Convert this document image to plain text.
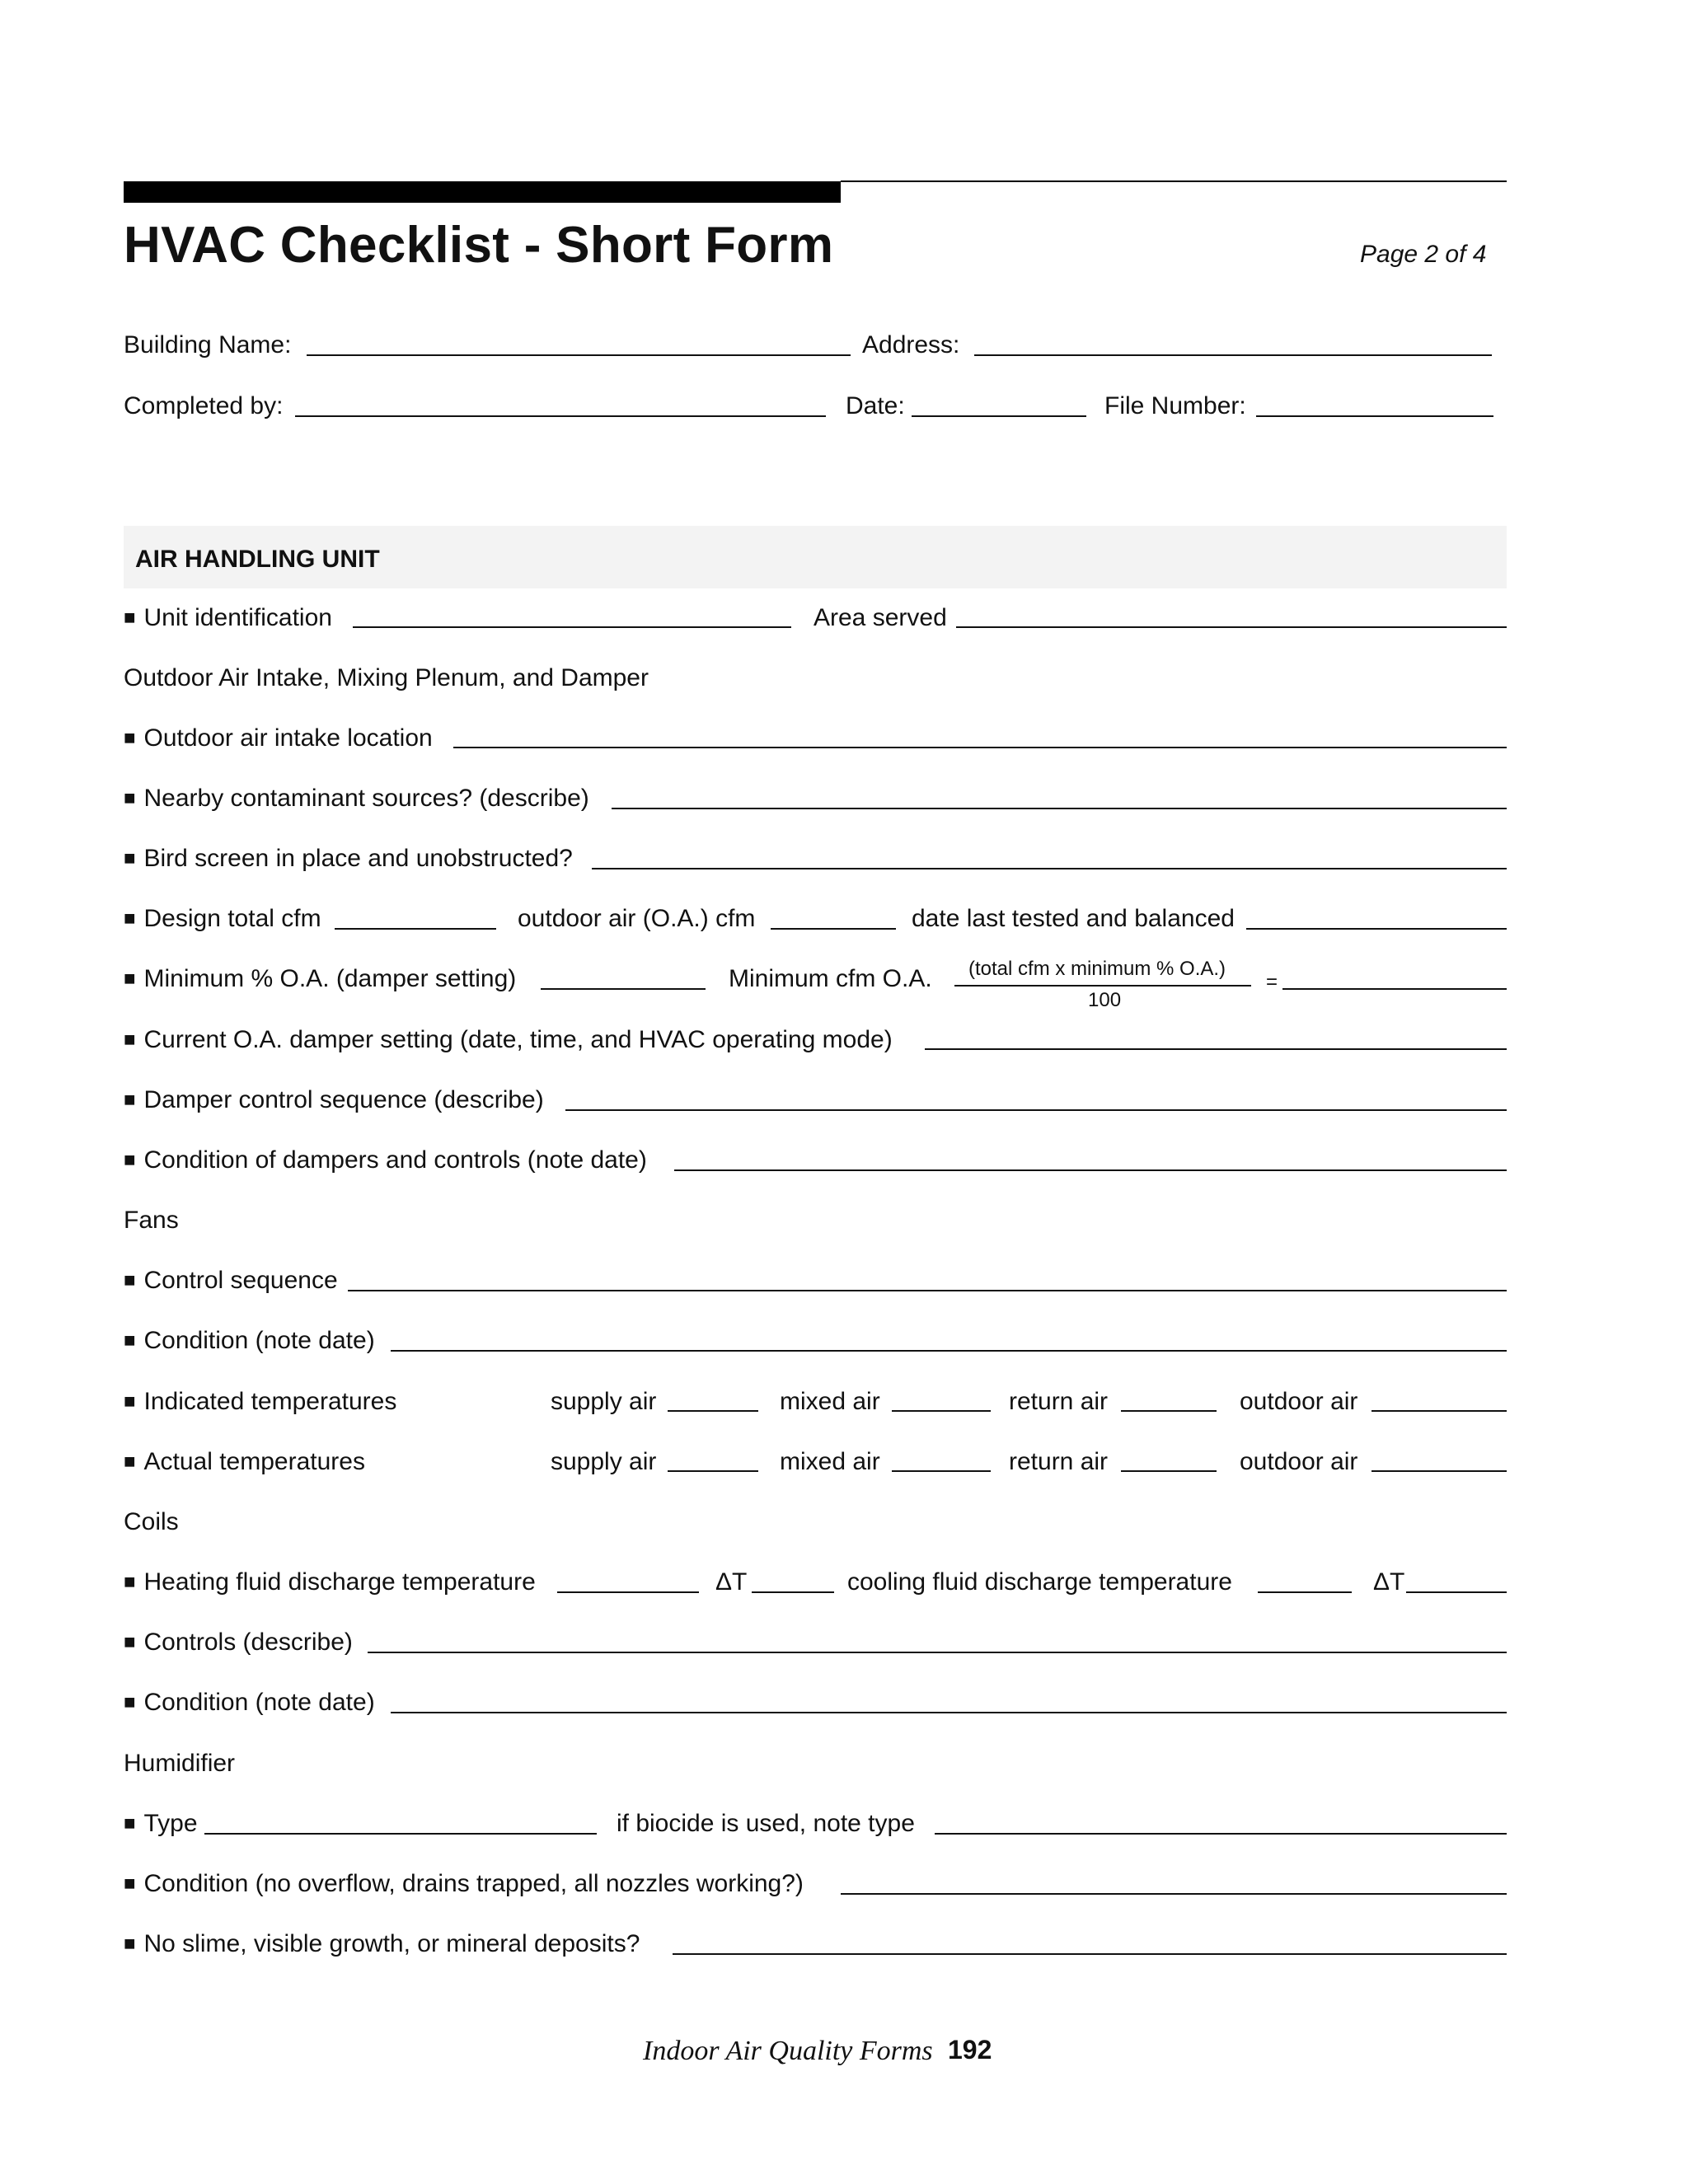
HVAC Checklist - Short Form	Page 2 of 4
Building Name:	Address:
Completed by:	Date:	File Number:
AIR HANDLING UNIT
■ Unit identification	Area served
Outdoor Air Intake, Mixing Plenum, and Damper
■ Outdoor air intake location
■ Nearby contaminant sources? (describe)
■ Bird screen in place and unobstructed?
■ Design total cfm	outdoor air (O.A.) cfm	date last tested and balanced
■ Minimum % O.A. (damper setting)	Minimum cfm O.A. (total cfm x minimum % O.A.)
100
=
■ Current O.A. damper setting (date, time, and HVAC operating mode)
■ Damper control sequence (describe)
■ Condition of dampers and controls (note date)
Fans
■ Control sequence
■ Condition (note date)
■ Indicated temperatures	supply air	mixed air	return air	outdoor air
■ Actual temperatures	supply air	mixed air	return air	outdoor air
Coils
■ Heating fluid discharge temperature	ΔT	cooling fluid discharge temperature	ΔT
■ Controls (describe)
■ Condition (note date)
Humidifier
■ Type	if biocide is used, note type
■ Condition (no overflow, drains trapped, all nozzles working?)
■ No slime, visible growth, or mineral deposits?
Indoor Air Quality Forms 192
